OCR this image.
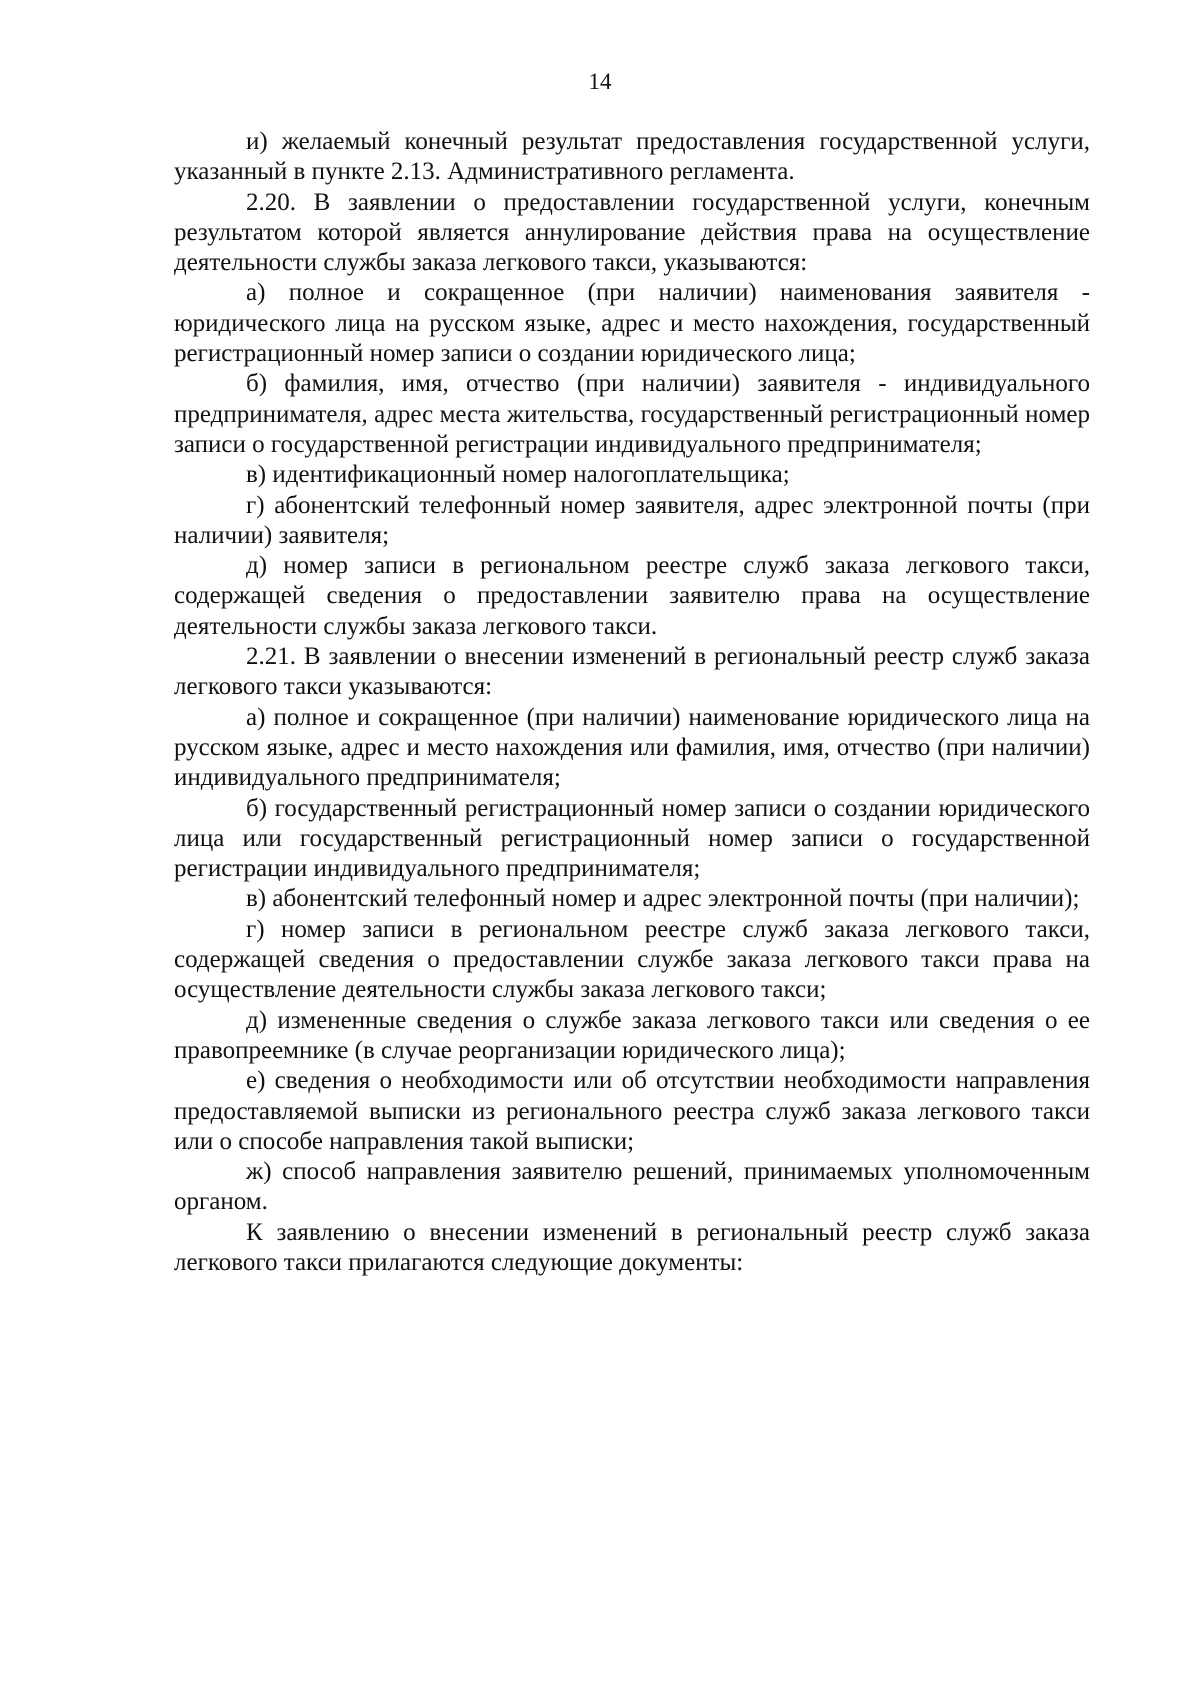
14

и) желаемый конечный результат предоставления государственной услуги, указанный в пункте 2.13. Административного регламента.

2.20. В заявлении о предоставлении государственной услуги, конечным результатом которой является аннулирование действия права на осуществление деятельности службы заказа легкового такси, указываются:

а) полное и сокращенное (при наличии) наименования заявителя - юридического лица на русском языке, адрес и место нахождения, государственный регистрационный номер записи о создании юридического лица;

б) фамилия, имя, отчество (при наличии) заявителя - индивидуального предпринимателя, адрес места жительства, государственный регистрационный номер записи о государственной регистрации индивидуального предпринимателя;

в) идентификационный номер налогоплательщика;

г) абонентский телефонный номер заявителя, адрес электронной почты (при наличии) заявителя;

д) номер записи в региональном реестре служб заказа легкового такси, содержащей сведения о предоставлении заявителю права на осуществление деятельности службы заказа легкового такси.

2.21. В заявлении о внесении изменений в региональный реестр служб заказа легкового такси указываются:

а) полное и сокращенное (при наличии) наименование юридического лица на русском языке, адрес и место нахождения или фамилия, имя, отчество (при наличии) индивидуального предпринимателя;

б) государственный регистрационный номер записи о создании юридического лица или государственный регистрационный номер записи о государственной регистрации индивидуального предпринимателя;

в) абонентский телефонный номер и адрес электронной почты (при наличии);

г) номер записи в региональном реестре служб заказа легкового такси, содержащей сведения о предоставлении службе заказа легкового такси права на осуществление деятельности службы заказа легкового такси;

д) измененные сведения о службе заказа легкового такси или сведения о ее правопреемнике (в случае реорганизации юридического лица);

е) сведения о необходимости или об отсутствии необходимости направления предоставляемой выписки из регионального реестра служб заказа легкового такси или о способе направления такой выписки;

ж) способ направления заявителю решений, принимаемых уполномоченным органом.

К заявлению о внесении изменений в региональный реестр служб заказа легкового такси прилагаются следующие документы:
